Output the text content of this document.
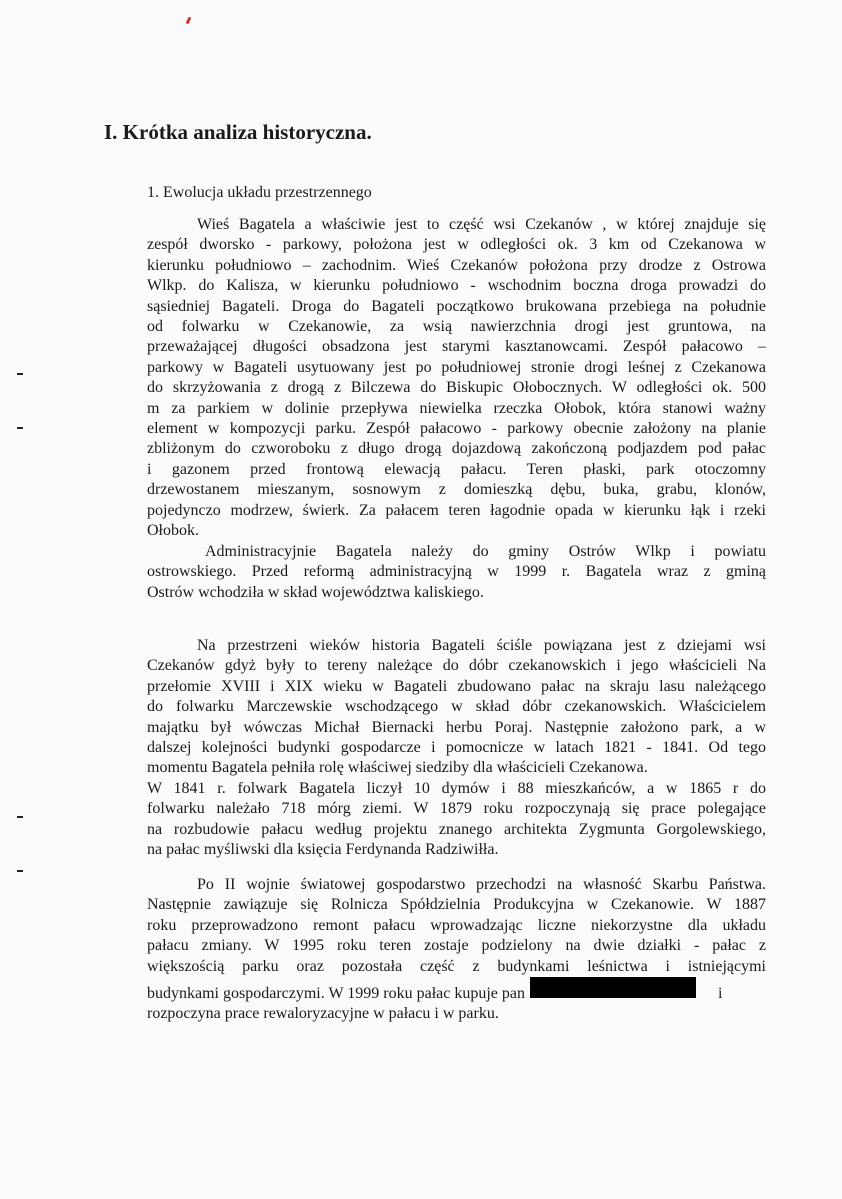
I. Krótka analiza historyczna.
1. Ewolucja układu przestrzennego

Wieś Bagatela a właściwie jest to część wsi Czekanów , w której znajduje się
zespół dworsko - parkowy, położona jest w odległości ok. 3 km od Czekanowa w
kierunku południowo – zachodnim. Wieś Czekanów położona przy drodze z Ostrowa
Wlkp. do Kalisza, w kierunku południowo - wschodnim boczna droga prowadzi do
sąsiedniej Bagateli. Droga do Bagateli początkowo brukowana przebiega na południe
od folwarku w Czekanowie, za wsią nawierzchnia drogi jest gruntowa, na
przeważającej długości obsadzona jest starymi kasztanowcami. Zespół pałacowo –
parkowy w Bagateli usytuowany jest po południowej stronie drogi leśnej z Czekanowa
do skrzyżowania z drogą z Bilczewa do Biskupic Ołobocznych. W odległości ok. 500
m za parkiem w dolinie przepływa niewielka rzeczka Ołobok, która stanowi ważny
element w kompozycji parku. Zespół pałacowo - parkowy obecnie założony na planie
zbliżonym do czworoboku z długo drogą dojazdową zakończoną podjazdem pod pałac
i gazonem przed frontową elewacją pałacu. Teren płaski, park otoczomny
drzewostanem mieszanym, sosnowym z domieszką dębu, buka, grabu, klonów,
pojedynczo modrzew, świerk. Za pałacem teren łagodnie opada w kierunku łąk i rzeki
Ołobok.

Administracyjnie Bagatela należy do gminy Ostrów Wlkp i powiatu
ostrowskiego. Przed reformą administracyjną w 1999 r. Bagatela wraz z gminą
Ostrów wchodziła w skład województwa kaliskiego.

Na przestrzeni wieków historia Bagateli ściśle powiązana jest z dziejami wsi
Czekanów gdyż były to tereny należące do dóbr czekanowskich i jego właścicieli Na
przełomie XVIII i XIX wieku w Bagateli zbudowano pałac na skraju lasu należącego
do folwarku Marczewskie wschodzącego w skład dóbr czekanowskich. Właścicielem
majątku był wówczas Michał Biernacki herbu Poraj. Następnie założono park, a w
dalszej kolejności budynki gospodarcze i pomocnicze w latach 1821 - 1841. Od tego
momentu Bagatela pełniła rolę właściwej siedziby dla właścicieli Czekanowa.
W 1841 r. folwark Bagatela liczył 10 dymów i 88 mieszkańców, a w 1865 r do
folwarku należało 718 mórg ziemi. W 1879 roku rozpoczynają się prace polegające
na rozbudowie pałacu według projektu znanego architekta Zygmunta Gorgolewskiego,
na pałac myśliwski dla księcia Ferdynanda Radziwiłła.

Po II wojnie światowej gospodarstwo przechodzi na własność Skarbu Państwa.
Następnie zawiązuje się Rolnicza Spółdzielnia Produkcyjna w Czekanowie. W 1887
roku przeprowadzono remont pałacu wprowadzając liczne niekorzystne dla układu
pałacu zmiany. W 1995 roku teren zostaje podzielony na dwie działki - pałac z
większością parku oraz pozostała część z budynkami leśnictwa i istniejącymi
budynkami gospodarczymi. W 1999 roku pałac kupuje pan	i
rozpoczyna prace rewaloryzacyjne w pałacu i w parku.
